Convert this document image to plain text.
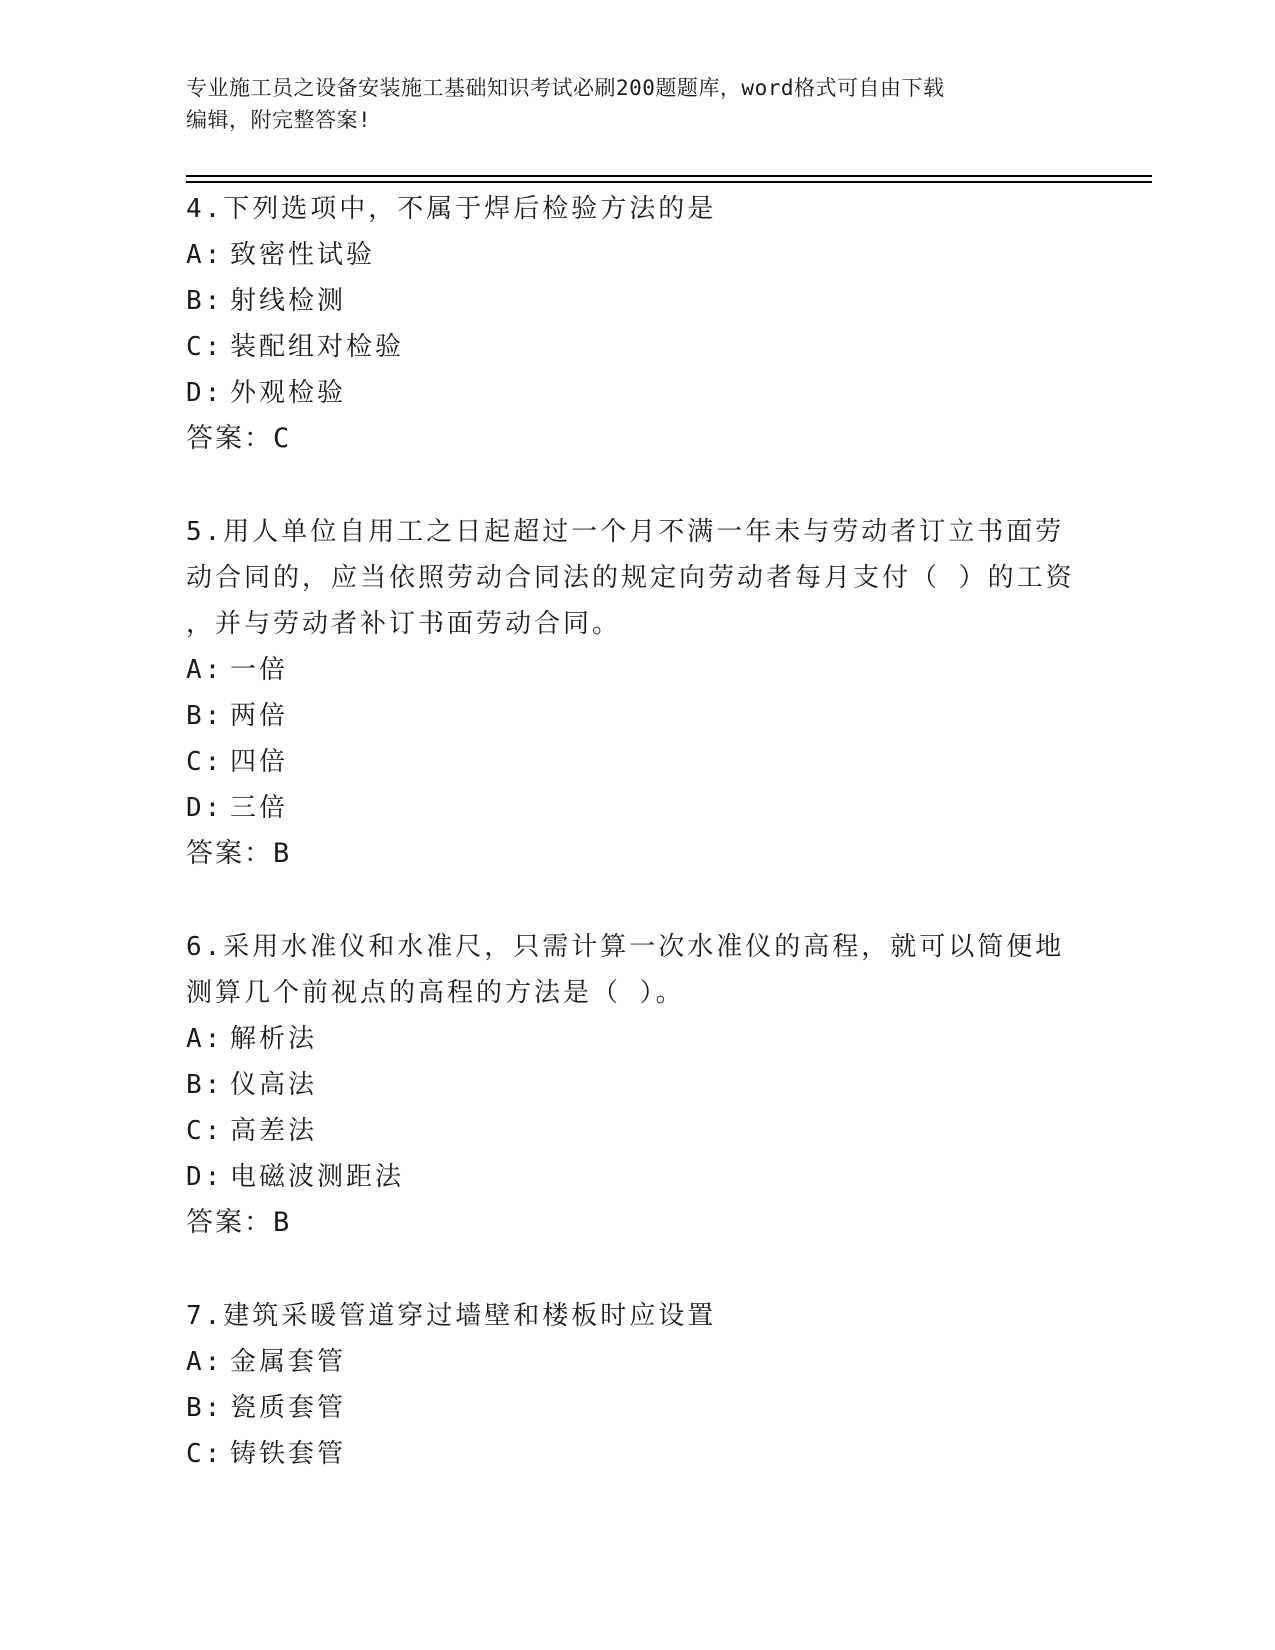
专业施工员之设备安装施工基础知识考试必刷200题题库，word格式可自由下载
编辑，附完整答案!
4.下列选项中，不属于焊后检验方法的是
A: 致密性试验
B: 射线检测
C: 装配组对检验
D: 外观检验
答案： C
5.用人单位自用工之日起超过一个月不满一年未与劳动者订立书面劳
动合同的，应当依照劳动合同法的规定向劳动者每月支付（ ）的工资
，并与劳动者补订书面劳动合同。
A: 一倍
B: 两倍
C: 四倍
D: 三倍
答案： B
6.采用水准仪和水准尺，只需计算一次水准仪的高程，就可以简便地
测算几个前视点的高程的方法是（ ）。
A: 解析法
B: 仪高法
C: 高差法
D: 电磁波测距法
答案： B
7.建筑采暖管道穿过墙壁和楼板时应设置
A: 金属套管
B: 瓷质套管
C: 铸铁套管
